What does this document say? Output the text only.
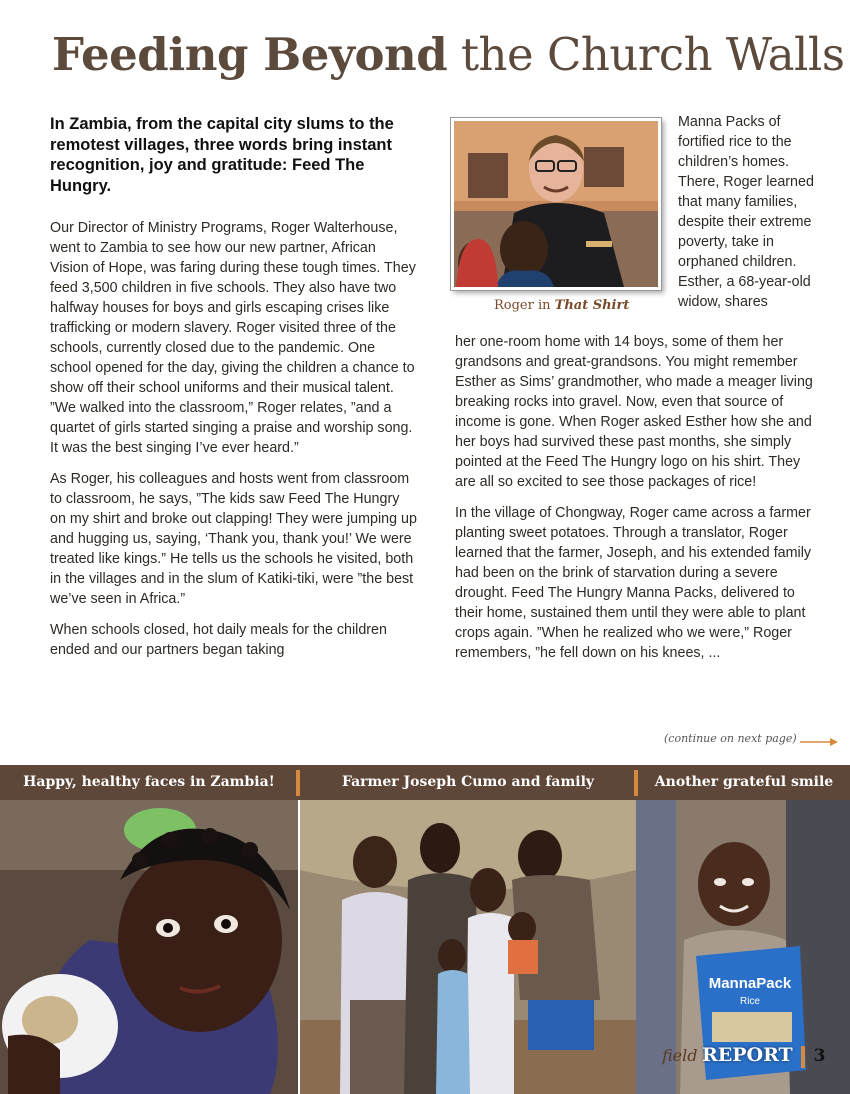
Feeding Beyond the Church Walls

In Zambia, from the capital city slums to the remotest villages, three words bring instant recognition, joy and gratitude: Feed The Hungry.

Our Director of Ministry Programs, Roger Walterhouse, went to Zambia to see how our new partner, African Vision of Hope, was faring during these tough times. They feed 3,500 children in five schools. They also have two halfway houses for boys and girls escaping crises like trafficking or modern slavery. Roger visited three of the schools, currently closed due to the pandemic. One school opened for the day, giving the children a chance to show off their school uniforms and their musical talent. ”We walked into the classroom,” Roger relates, ”and a quartet of girls started singing a praise and worship song. It was the best singing I’ve ever heard.”

As Roger, his colleagues and hosts went from classroom to classroom, he says, ”The kids saw Feed The Hungry on my shirt and broke out clapping! They were jumping up and hugging us, saying, ‘Thank you, thank you!’ We were treated like kings.” He tells us the schools he visited, both in the villages and in the slum of Katiki-tiki, were ”the best we’ve seen in Africa.”

When schools closed, hot daily meals for the children ended and our partners began taking

Roger in That Shirt

Manna Packs of fortified rice to the children’s homes. There, Roger learned that many families, despite their extreme poverty, take in orphaned children. Esther, a 68-year-old widow, shares

her one-room home with 14 boys, some of them her grandsons and great-grandsons. You might remember Esther as Sims’ grandmother, who made a meager living breaking rocks into gravel. Now, even that source of income is gone. When Roger asked Esther how she and her boys had survived these past months, she simply pointed at the Feed The Hungry logo on his shirt. They are all so excited to see those packages of rice!

In the village of Chongway, Roger came across a farmer planting sweet potatoes. Through a translator, Roger learned that the farmer, Joseph, and his extended family had been on the brink of starvation during a severe drought. Feed The Hungry Manna Packs, delivered to their home, sustained them until they were able to plant crops again. ”When he realized who we were,” Roger remembers, ”he fell down on his knees, ...

(continue on next page)
Happy, healthy faces in Zambia!	Farmer Joseph Cumo and family	Another grateful smile
MannaPack
Rice
field REPORT 3
